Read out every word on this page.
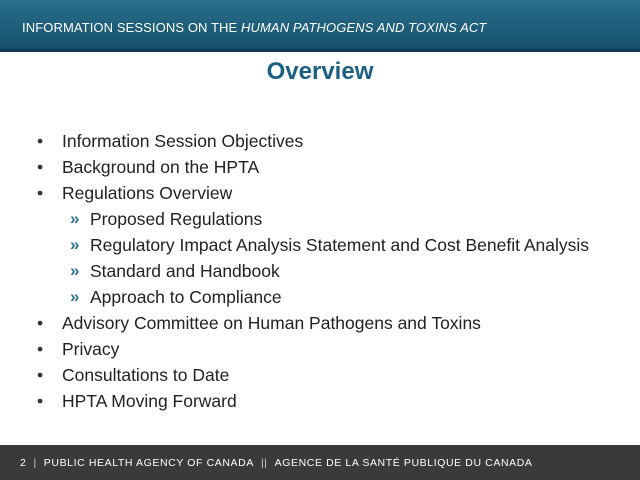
INFORMATION SESSIONS ON THE HUMAN PATHOGENS AND TOXINS ACT
Overview
• Information Session Objectives
• Background on the HPTA
• Regulations Overview
» Proposed Regulations
» Regulatory Impact Analysis Statement and Cost Benefit Analysis
» Standard and Handbook
» Approach to Compliance
• Advisory Committee on Human Pathogens and Toxins
• Privacy
• Consultations to Date
• HPTA Moving Forward
2 | PUBLIC HEALTH AGENCY OF CANADA || AGENCE DE LA SANTÉ PUBLIQUE DU CANADA
